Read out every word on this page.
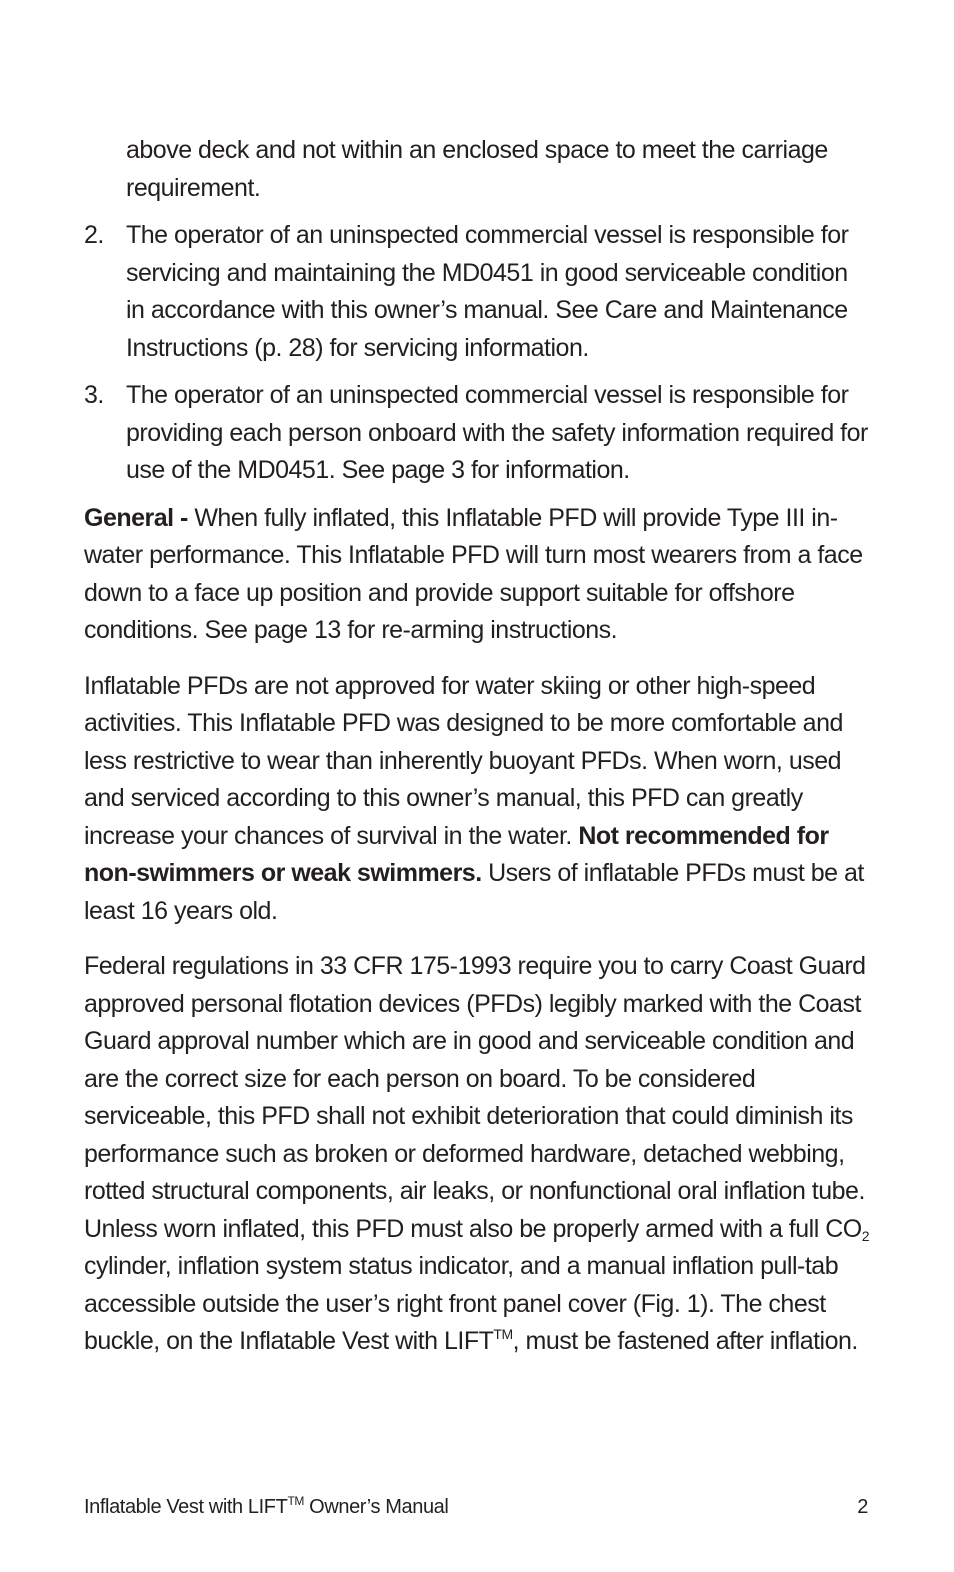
above deck and not within an enclosed space to meet the carriage requirement.

2. The operator of an uninspected commercial vessel is responsible for servicing and maintaining the MD0451 in good serviceable condition in accordance with this owner’s manual. See Care and Maintenance Instructions (p. 28) for servicing information.
3. The operator of an uninspected commercial vessel is responsible for providing each person onboard with the safety information required for use of the MD0451. See page 3 for information.

General - When fully inflated, this Inflatable PFD will provide Type III in-water performance. This Inflatable PFD will turn most wearers from a face down to a face up position and provide support suitable for offshore conditions. See page 13 for re-arming instructions.

Inflatable PFDs are not approved for water skiing or other high-speed activities. This Inflatable PFD was designed to be more comfortable and less restrictive to wear than inherently buoyant PFDs. When worn, used and serviced according to this owner’s manual, this PFD can greatly increase your chances of survival in the water. Not recommended for non-swimmers or weak swimmers. Users of inflatable PFDs must be at least 16 years old.

Federal regulations in 33 CFR 175-1993 require you to carry Coast Guard approved personal flotation devices (PFDs) legibly marked with the Coast Guard approval number which are in good and serviceable condition and are the correct size for each person on board. To be considered serviceable, this PFD shall not exhibit deterioration that could diminish its performance such as broken or deformed hardware, detached webbing, rotted structural components, air leaks, or nonfunctional oral inflation tube. Unless worn inflated, this PFD must also be properly armed with a full $CO_2$ cylinder, inflation system status indicator, and a manual inflation pull-tab accessible outside the user’s right front panel cover (Fig. 1). The chest buckle, on the Inflatable Vest with LIFT™, must be fastened after inflation.

Inflatable Vest with LIFT™ Owner’s Manual	2
